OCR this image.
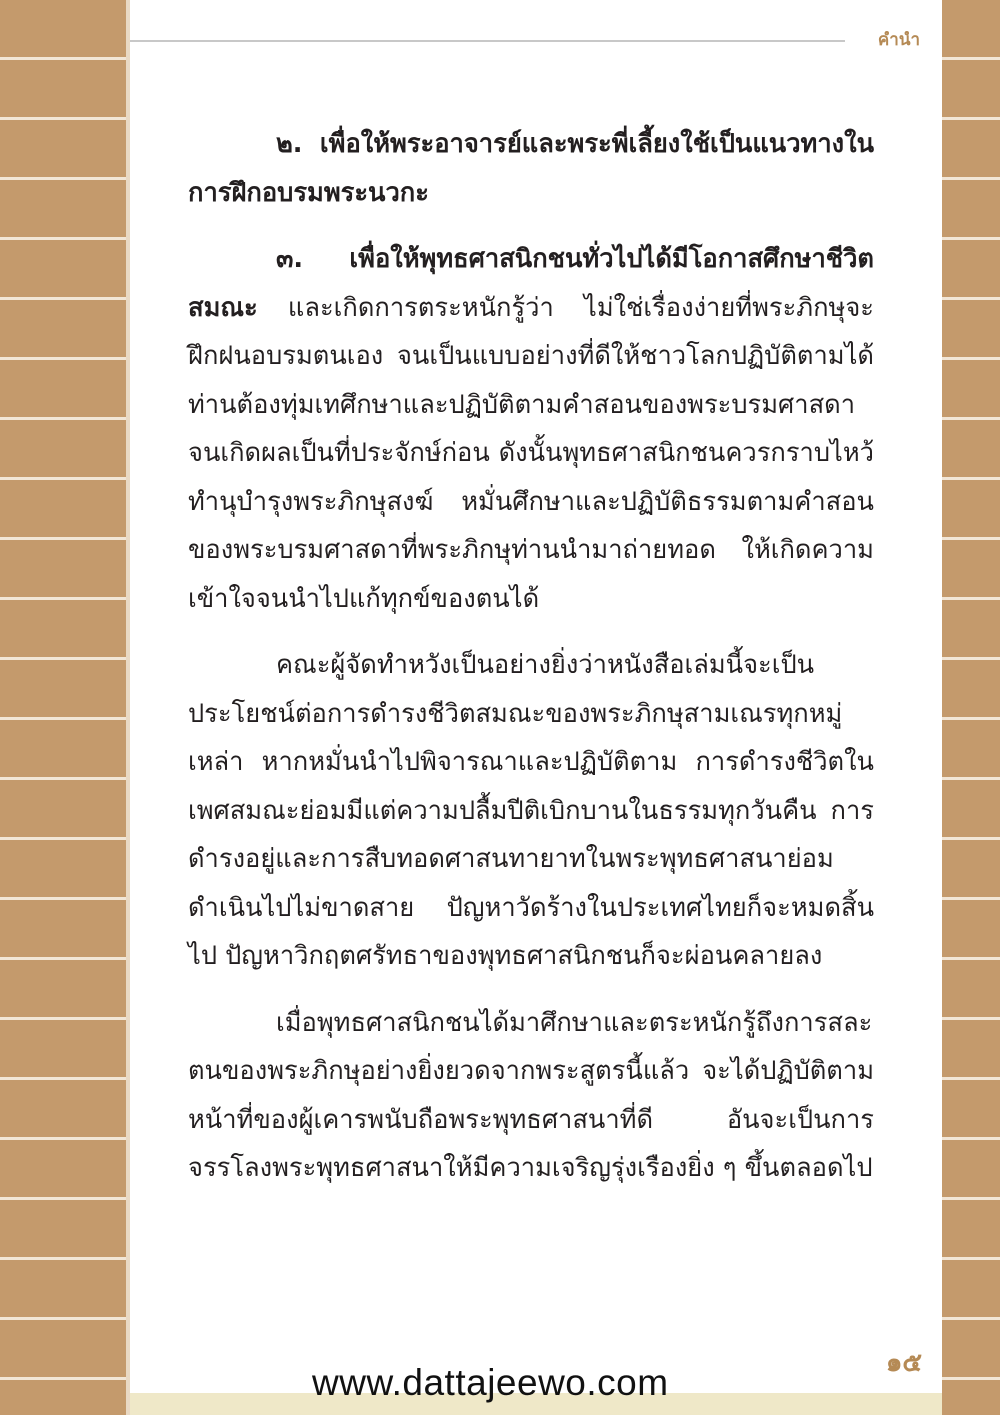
คำนำ

๒. เพื่อให้พระอาจารย์และพระพี่เลี้ยงใช้เป็นแนวทางในการฝึกอบรมพระนวกะ

๓. เพื่อให้พุทธศาสนิกชนทั่วไปได้มีโอกาสศึกษาชีวิตสมณะ และเกิดการตระหนักรู้ว่า ไม่ใช่เรื่องง่ายที่พระภิกษุจะฝึกฝนอบรมตนเอง จนเป็นแบบอย่างที่ดีให้ชาวโลกปฏิบัติตามได้ ท่านต้องทุ่มเทศึกษาและปฏิบัติตามคำสอนของพระบรมศาสดาจนเกิดผลเป็นที่ประจักษ์ก่อน ดังนั้นพุทธศาสนิกชนควรกราบไหว้ ทำนุบำรุงพระภิกษุสงฆ์ หมั่นศึกษาและปฏิบัติธรรมตามคำสอนของพระบรมศาสดาที่พระภิกษุท่านนำมาถ่ายทอด ให้เกิดความเข้าใจจนนำไปแก้ทุกข์ของตนได้

คณะผู้จัดทำหวังเป็นอย่างยิ่งว่าหนังสือเล่มนี้จะเป็นประโยชน์ต่อการดำรงชีวิตสมณะของพระภิกษุสามเณรทุกหมู่เหล่า หากหมั่นนำไปพิจารณาและปฏิบัติตาม การดำรงชีวิตในเพศสมณะย่อมมีแต่ความปลื้มปีติเบิกบานในธรรมทุกวันคืน การดำรงอยู่และการสืบทอดศาสนทายาทในพระพุทธศาสนาย่อมดำเนินไปไม่ขาดสาย ปัญหาวัดร้างในประเทศไทยก็จะหมดสิ้นไป ปัญหาวิกฤตศรัทธาของพุทธศาสนิกชนก็จะผ่อนคลายลง

เมื่อพุทธศาสนิกชนได้มาศึกษาและตระหนักรู้ถึงการสละตนของพระภิกษุอย่างยิ่งยวดจากพระสูตรนี้แล้ว จะได้ปฏิบัติตามหน้าที่ของผู้เคารพนับถือพระพุทธศาสนาที่ดี อันจะเป็นการจรรโลงพระพุทธศาสนาให้มีความเจริญรุ่งเรืองยิ่ง ๆ ขึ้นตลอดไป

๑๕
www.dattajeewo.com
